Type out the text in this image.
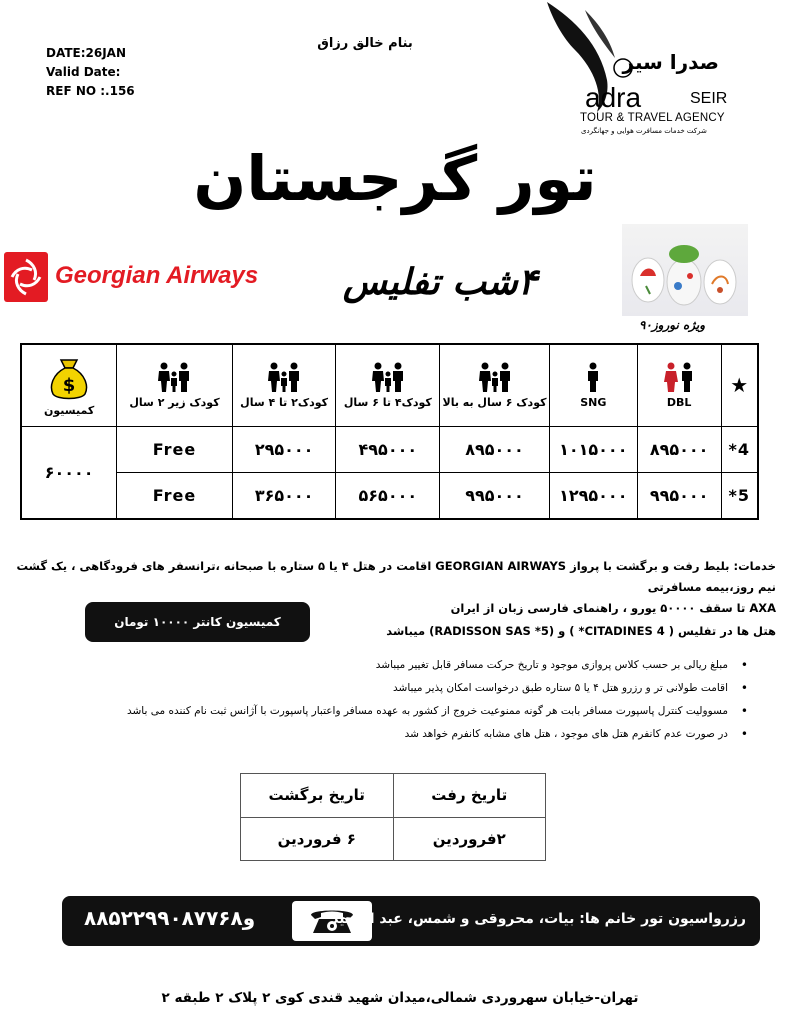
DATE:26JAN
Valid Date:
REF NO :.156
بنام خالق رزاق
صدرا سیر
adra	SEIR
TOUR & TRAVEL AGENCY
شرکت خدمات مسافرت هوایی و جهانگردی
تور گرجستان
۴شب تفلیس
Georgian Airways
ویژه نوروز۹۰
$
کمیسیون	کودک زیر ۲ سال	کودک۲ تا ۴ سال	کودک۴ تا ۶ سال	کودک ۶ سال به بالا	SNG	DBL	★
۶۰۰۰۰	Free	۲۹۵۰۰۰	۴۹۵۰۰۰	۸۹۵۰۰۰	۱۰۱۵۰۰۰	۸۹۵۰۰۰	*4
	Free	۳۶۵۰۰۰	۵۶۵۰۰۰	۹۹۵۰۰۰	۱۲۹۵۰۰۰	۹۹۵۰۰۰	*5
خدمات: بلیط رفت و برگشت با پرواز GEORGIAN AIRWAYS اقامت در هتل ۴ یا ۵ ستاره با صبحانه ،ترانسفر های فرودگاهی ، یک گشت نیم روز،بیمه مسافرتی
AXA تا سقف ۵۰۰۰۰ یورو ، راهنمای فارسی زبان از ایران
هتل ها در تفلیس ( CITADINES 4* ) و (RADISSON SAS *5) میباشد
کمیسیون کانتر ۱۰۰۰۰ تومان
• مبلغ ریالی بر حسب کلاس پروازی موجود و تاریخ حرکت مسافر قابل تغییر میباشد
• اقامت طولانی تر و رزرو هتل ۴ یا ۵ ستاره طبق درخواست امکان پذیر میباشد
• مسوولیت کنترل پاسپورت مسافر بابت هر گونه ممنوعیت خروج از کشور به عهده مسافر واعتبار پاسپورت با آژانس ثبت نام کننده می باشد
• در صورت عدم کانفرم هتل های موجود ، هتل های مشابه کانفرم خواهد شد
تاریخ رفت	تاریخ برگشت
۲فروردین	۶ فروردین
۸۸۵۲۲۹۹۰و۸۷۷۶۸	رزرواسیون تور خانم ها: بیات، محروقی و شمس، عبد المجید
تهران-خیابان سهروردی شمالی،میدان شهید قندی کوی ۲ پلاک ۲ طبقه ۲
